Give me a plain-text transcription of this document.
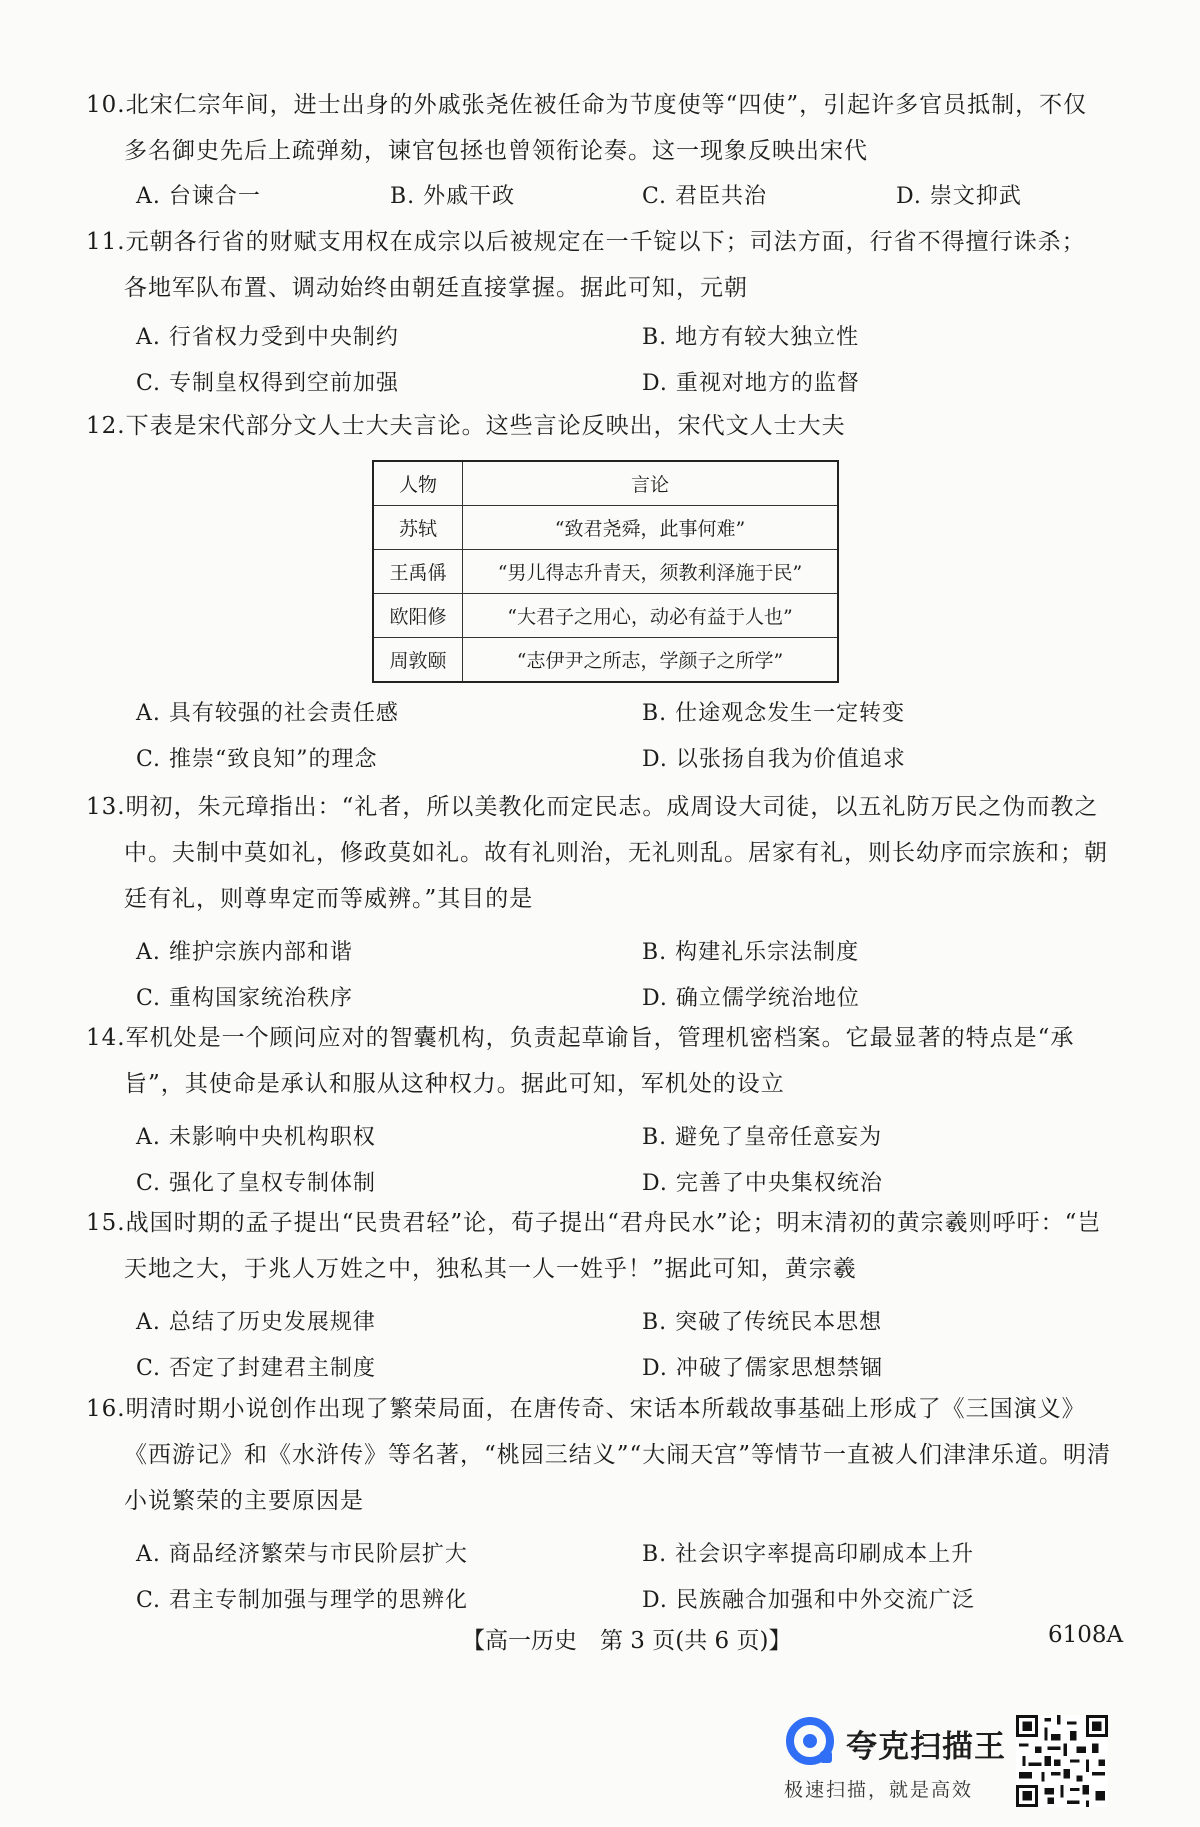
10.北宋仁宗年间，进士出身的外戚张尧佐被任命为节度使等“四使”，引起许多官员抵制，不仅
多名御史先后上疏弹劾，谏官包拯也曾领衔论奏。这一现象反映出宋代
A. 台谏合一	B. 外戚干政	C. 君臣共治	D. 崇文抑武
11.元朝各行省的财赋支用权在成宗以后被规定在一千锭以下；司法方面，行省不得擅行诛杀；
各地军队布置、调动始终由朝廷直接掌握。据此可知，元朝
A. 行省权力受到中央制约	B. 地方有较大独立性
C. 专制皇权得到空前加强	D. 重视对地方的监督
12.下表是宋代部分文人士大夫言论。这些言论反映出，宋代文人士大夫
人物	言论
苏轼	“致君尧舜，此事何难”
王禹偁	“男儿得志升青天，须教利泽施于民”
欧阳修	“大君子之用心，动必有益于人也”
周敦颐	“志伊尹之所志，学颜子之所学”
A. 具有较强的社会责任感	B. 仕途观念发生一定转变
C. 推崇“致良知”的理念	D. 以张扬自我为价值追求
13.明初，朱元璋指出：“礼者，所以美教化而定民志。成周设大司徒，以五礼防万民之伪而教之
中。夫制中莫如礼，修政莫如礼。故有礼则治，无礼则乱。居家有礼，则长幼序而宗族和；朝
廷有礼，则尊卑定而等威辨。”其目的是
A. 维护宗族内部和谐	B. 构建礼乐宗法制度
C. 重构国家统治秩序	D. 确立儒学统治地位
14.军机处是一个顾问应对的智囊机构，负责起草谕旨，管理机密档案。它最显著的特点是“承
旨”，其使命是承认和服从这种权力。据此可知，军机处的设立
A. 未影响中央机构职权	B. 避免了皇帝任意妄为
C. 强化了皇权专制体制	D. 完善了中央集权统治
15.战国时期的孟子提出“民贵君轻”论，荀子提出“君舟民水”论；明末清初的黄宗羲则呼吁：“岂
天地之大，于兆人万姓之中，独私其一人一姓乎！”据此可知，黄宗羲
A. 总结了历史发展规律	B. 突破了传统民本思想
C. 否定了封建君主制度	D. 冲破了儒家思想禁锢
16.明清时期小说创作出现了繁荣局面，在唐传奇、宋话本所载故事基础上形成了《三国演义》
《西游记》和《水浒传》等名著，“桃园三结义”“大闹天宫”等情节一直被人们津津乐道。明清
小说繁荣的主要原因是
A. 商品经济繁荣与市民阶层扩大	B. 社会识字率提高印刷成本上升
C. 君主专制加强与理学的思辨化	D. 民族融合加强和中外交流广泛
【高一历史　第 3 页(共 6 页)】	6108A
夸克扫描王
极速扫描，就是高效
